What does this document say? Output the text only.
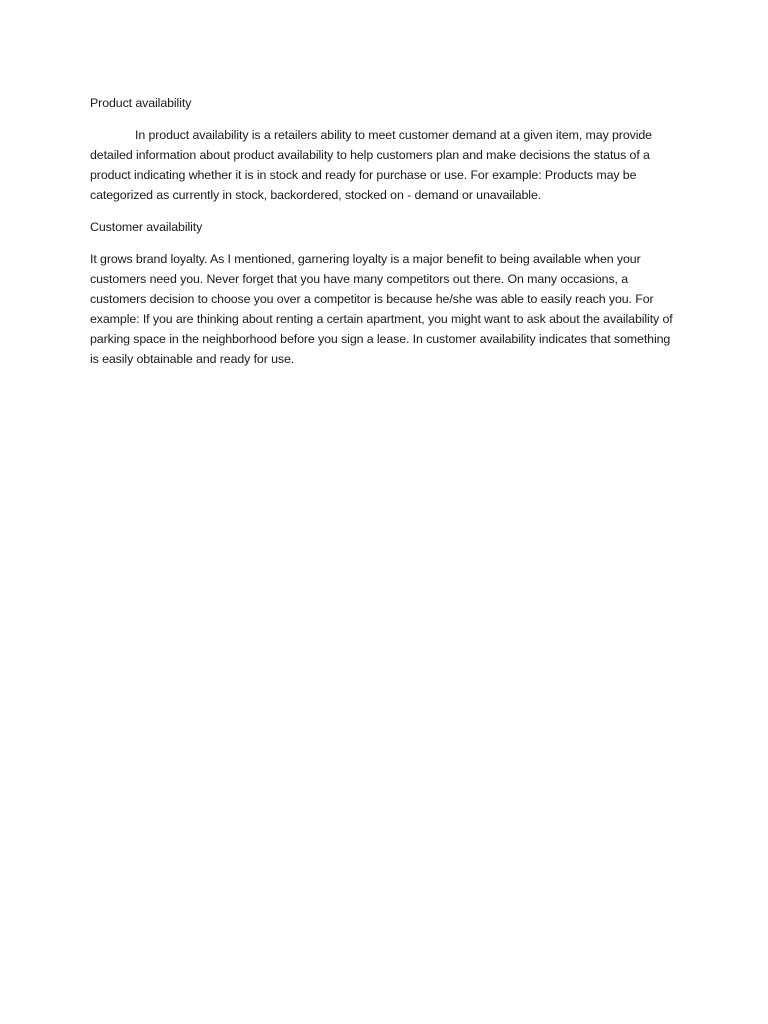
Product availability

In product availability is a retailers ability to meet customer demand at a given item, may provide detailed information about product availability to help customers plan and make decisions the status of a product indicating whether it is in stock and ready for purchase or use. For example: Products may be categorized as currently in stock, backordered, stocked on - demand or unavailable.

Customer availability

It grows brand loyalty. As I mentioned, garnering loyalty is a major benefit to being available when your customers need you. Never forget that you have many competitors out there. On many occasions, a customers decision to choose you over a competitor is because he/she was able to easily reach you. For example: If you are thinking about renting a certain apartment, you might want to ask about the availability of parking space in the neighborhood before you sign a lease. In customer availability indicates that something is easily obtainable and ready for use.
